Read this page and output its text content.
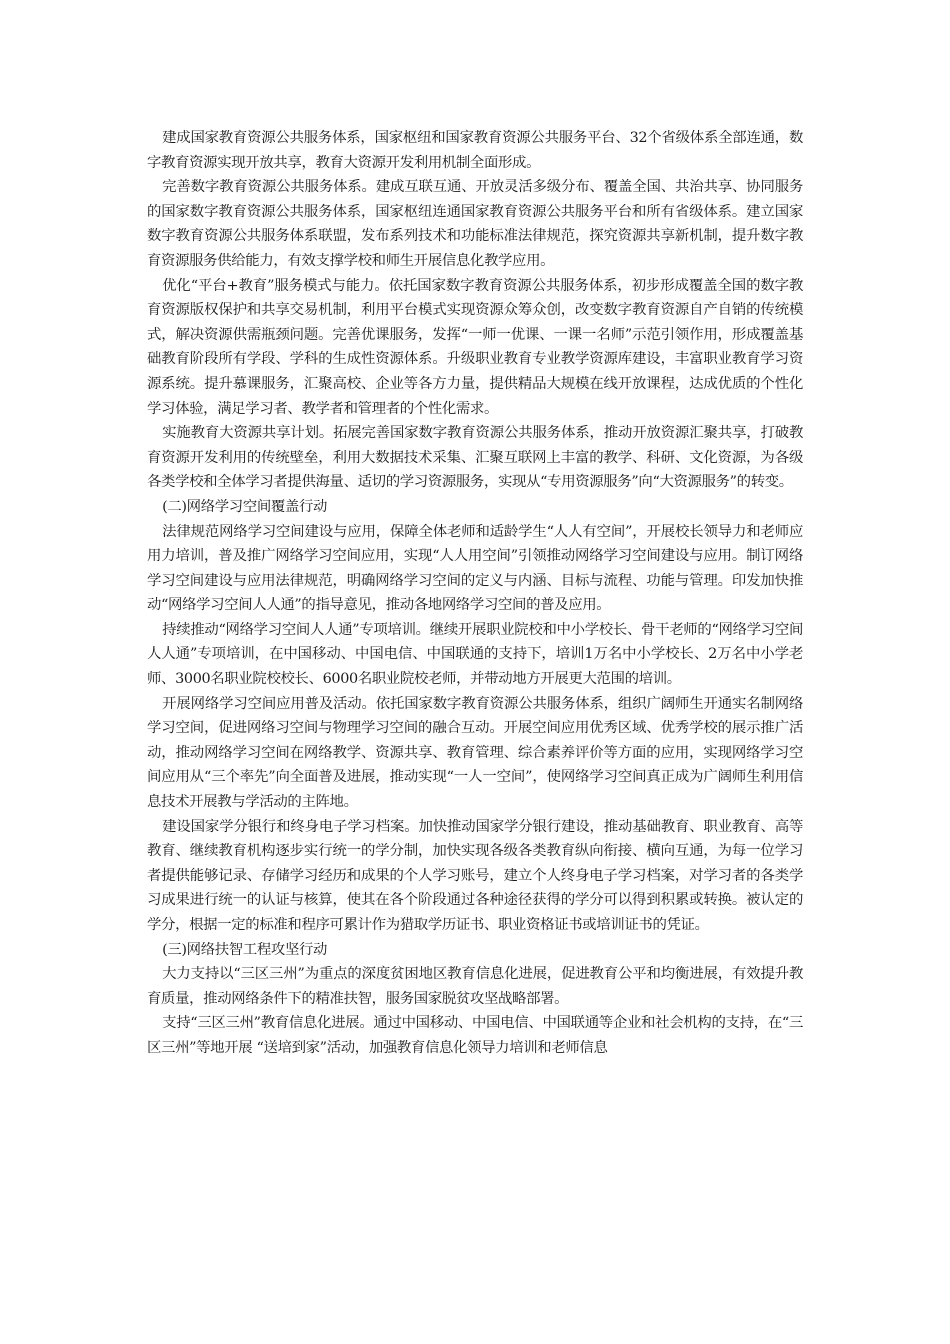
建成国家教育资源公共服务体系，国家枢纽和国家教育资源公共服务平台、32个省级体系全部连通，数字教育资源实现开放共享，教育大资源开发利用机制全面形成。

完善数字教育资源公共服务体系。建成互联互通、开放灵活多级分布、覆盖全国、共治共享、协同服务的国家数字教育资源公共服务体系，国家枢纽连通国家教育资源公共服务平台和所有省级体系。建立国家数字教育资源公共服务体系联盟，发布系列技术和功能标准法律规范，探究资源共享新机制，提升数字教育资源服务供给能力，有效支撑学校和师生开展信息化教学应用。

优化“平台+教育”服务模式与能力。依托国家数字教育资源公共服务体系，初步形成覆盖全国的数字教育资源版权保护和共享交易机制，利用平台模式实现资源众筹众创，改变数字教育资源自产自销的传统模式，解决资源供需瓶颈问题。完善优课服务，发挥“一师一优课、一课一名师”示范引领作用，形成覆盖基础教育阶段所有学段、学科的生成性资源体系。升级职业教育专业教学资源库建设，丰富职业教育学习资源系统。提升慕课服务，汇聚高校、企业等各方力量，提供精品大规模在线开放课程，达成优质的个性化学习体验，满足学习者、教学者和管理者的个性化需求。

实施教育大资源共享计划。拓展完善国家数字教育资源公共服务体系，推动开放资源汇聚共享，打破教育资源开发利用的传统壁垒，利用大数据技术采集、汇聚互联网上丰富的教学、科研、文化资源，为各级各类学校和全体学习者提供海量、适切的学习资源服务，实现从“专用资源服务”向“大资源服务”的转变。

(二)网络学习空间覆盖行动

法律规范网络学习空间建设与应用，保障全体老师和适龄学生“人人有空间”，开展校长领导力和老师应用力培训，普及推广网络学习空间应用，实现“人人用空间”引领推动网络学习空间建设与应用。制订网络学习空间建设与应用法律规范，明确网络学习空间的定义与内涵、目标与流程、功能与管理。印发加快推动“网络学习空间人人通”的指导意见，推动各地网络学习空间的普及应用。

持续推动“网络学习空间人人通”专项培训。继续开展职业院校和中小学校长、骨干老师的“网络学习空间人人通”专项培训，在中国移动、中国电信、中国联通的支持下，培训1万名中小学校长、2万名中小学老师、3000名职业院校校长、6000名职业院校老师，并带动地方开展更大范围的培训。

开展网络学习空间应用普及活动。依托国家数字教育资源公共服务体系，组织广阔师生开通实名制网络学习空间，促进网络习空间与物理学习空间的融合互动。开展空间应用优秀区域、优秀学校的展示推广活动，推动网络学习空间在网络教学、资源共享、教育管理、综合素养评价等方面的应用，实现网络学习空间应用从“三个率先”向全面普及进展，推动实现“一人一空间”，使网络学习空间真正成为广阔师生利用信息技术开展教与学活动的主阵地。

建设国家学分银行和终身电子学习档案。加快推动国家学分银行建设，推动基础教育、职业教育、高等教育、继续教育机构逐步实行统一的学分制，加快实现各级各类教育纵向衔接、横向互通，为每一位学习者提供能够记录、存储学习经历和成果的个人学习账号，建立个人终身电子学习档案，对学习者的各类学习成果进行统一的认证与核算，使其在各个阶段通过各种途径获得的学分可以得到积累或转换。被认定的学分，根据一定的标准和程序可累计作为猎取学历证书、职业资格证书或培训证书的凭证。

(三)网络扶智工程攻坚行动

大力支持以“三区三州”为重点的深度贫困地区教育信息化进展，促进教育公平和均衡进展，有效提升教育质量，推动网络条件下的精准扶智，服务国家脱贫攻坚战略部署。

支持“三区三州”教育信息化进展。通过中国移动、中国电信、中国联通等企业和社会机构的支持，在“三区三州”等地开展 “送培到家”活动，加强教育信息化领导力培训和老师信息
